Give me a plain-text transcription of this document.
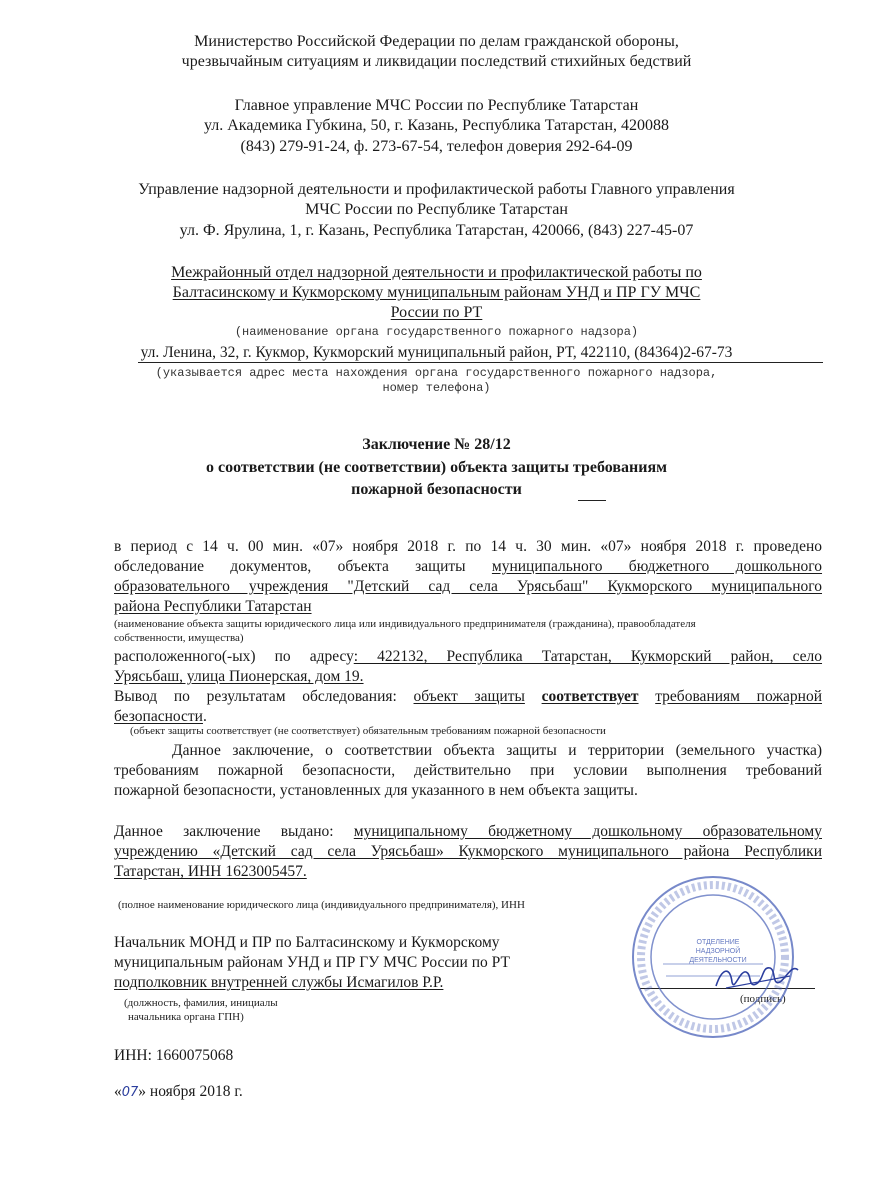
Министерство Российской Федерации по делам гражданской обороны,
чрезвычайным ситуациям и ликвидации последствий стихийных бедствий
Главное управление МЧС России по Республике Татарстан
ул. Академика Губкина, 50, г. Казань, Республика Татарстан, 420088
(843) 279-91-24, ф. 273-67-54, телефон доверия 292-64-09
Управление надзорной деятельности и профилактической работы Главного управления
МЧС России по Республике Татарстан
ул. Ф. Ярулина, 1, г. Казань, Республика Татарстан, 420066, (843) 227-45-07
Межрайонный отдел надзорной деятельности и профилактической работы по
Балтасинскому и Кукморскому муниципальным районам УНД и ПР ГУ МЧС
России по РТ
(наименование органа государственного пожарного надзора)
ул. Ленина, 32, г. Кукмор, Кукморский муниципальный район, РТ, 422110, (84364)2-67-73
(указывается адрес места нахождения органа государственного пожарного надзора,
номер телефона)
Заключение № 28/12
о соответствии (не соответствии) объекта защиты требованиям
пожарной безопасности
в период с 14 ч. 00 мин. «07» ноября 2018 г. по 14 ч. 30 мин. «07» ноября 2018 г. проведено
обследование документов, объекта защиты муниципального бюджетного дошкольного
образовательного учреждения "Детский сад села Урясьбаш" Кукморского муниципального
района Республики Татарстан
(наименование объекта защиты юридического лица или индивидуального предпринимателя (гражданина), правообладателя
собственности, имущества)
расположенного(-ых) по адресу: 422132, Республика Татарстан, Кукморский район, село
Урясьбаш, улица Пионерская, дом 19.
Вывод по результатам обследования: объект защиты соответствует требованиям пожарной
безопасности.
(объект защиты соответствует (не соответствует) обязательным требованиям пожарной безопасности
Данное заключение, о соответствии объекта защиты и территории (земельного участка)
требованиям пожарной безопасности, действительно при условии выполнения требований
пожарной безопасности, установленных для указанного в нем объекта защиты.
Данное заключение выдано: муниципальному бюджетному дошкольному образовательному
учреждению «Детский сад села Урясьбаш» Кукморского муниципального района Республики
Татарстан, ИНН 1623005457.
(полное наименование юридического лица (индивидуального предпринимателя), ИНН
Начальник МОНД и ПР по Балтасинскому и Кукморскому
муниципальным районам УНД и ПР ГУ МЧС России по РТ
подполковник внутренней службы Исмагилов Р.Р.
(должность, фамилия, инициалы
начальника органа ГПН)
(подпись)
ОТДЕЛЕНИЕ НАДЗОРНОЙ ДЕЯТЕЛЬНОСТИ
ИНН: 1660075068
«07» ноября 2018 г.
